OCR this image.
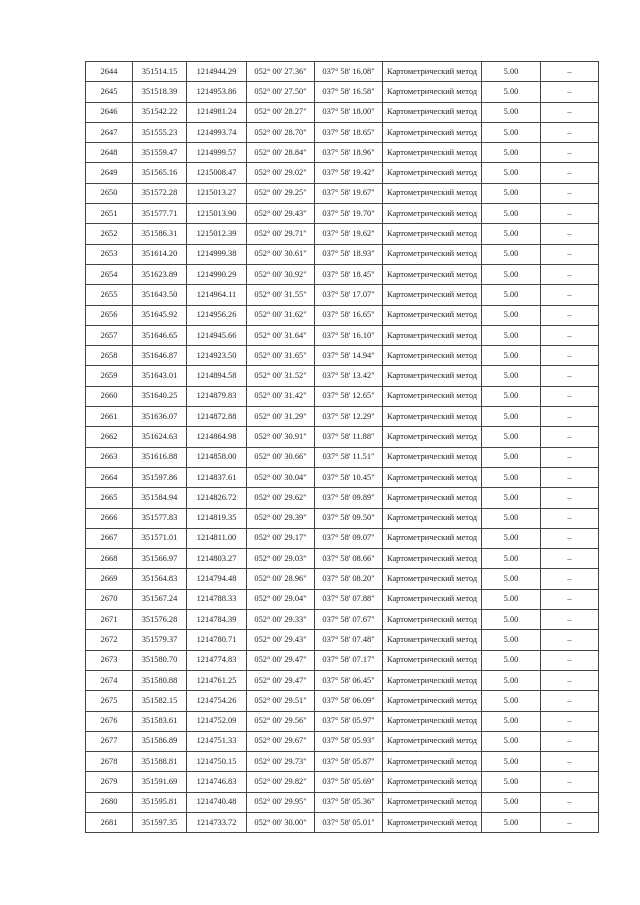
2644	351514.15	1214944.29	052° 00' 27.36"	037° 58' 16.08"	Картометрический метод	5.00	–
2645	351518.39	1214953.86	052° 00' 27.50"	037° 58' 16.58"	Картометрический метод	5.00	–
2646	351542.22	1214981.24	052° 00' 28.27"	037° 58' 18.00"	Картометрический метод	5.00	–
2647	351555.23	1214993.74	052° 00' 28.70"	037° 58' 18.65"	Картометрический метод	5.00	–
2648	351559.47	1214999.57	052° 00' 28.84"	037° 58' 18.96"	Картометрический метод	5.00	–
2649	351565.16	1215008.47	052° 00' 29.02"	037° 58' 19.42"	Картометрический метод	5.00	–
2650	351572.28	1215013.27	052° 00' 29.25"	037° 58' 19.67"	Картометрический метод	5.00	–
2651	351577.71	1215013.90	052° 00' 29.43"	037° 58' 19.70"	Картометрический метод	5.00	–
2652	351586.31	1215012.39	052° 00' 29.71"	037° 58' 19.62"	Картометрический метод	5.00	–
2653	351614.20	1214999.38	052° 00' 30.61"	037° 58' 18.93"	Картометрический метод	5.00	–
2654	351623.89	1214990.29	052° 00' 30.92"	037° 58' 18.45"	Картометрический метод	5.00	–
2655	351643.50	1214964.11	052° 00' 31.55"	037° 58' 17.07"	Картометрический метод	5.00	–
2656	351645.92	1214956.26	052° 00' 31.62"	037° 58' 16.65"	Картометрический метод	5.00	–
2657	351646.65	1214945.66	052° 00' 31.64"	037° 58' 16.10"	Картометрический метод	5.00	–
2658	351646.87	1214923.50	052° 00' 31.65"	037° 58' 14.94"	Картометрический метод	5.00	–
2659	351643.01	1214894.58	052° 00' 31.52"	037° 58' 13.42"	Картометрический метод	5.00	–
2660	351640.25	1214879.83	052° 00' 31.42"	037° 58' 12.65"	Картометрический метод	5.00	–
2661	351636.07	1214872.88	052° 00' 31.29"	037° 58' 12.29"	Картометрический метод	5.00	–
2662	351624.63	1214864.98	052° 00' 30.91"	037° 58' 11.88"	Картометрический метод	5.00	–
2663	351616.88	1214858.00	052° 00' 30.66"	037° 58' 11.51"	Картометрический метод	5.00	–
2664	351597.86	1214837.61	052° 00' 30.04"	037° 58' 10.45"	Картометрический метод	5.00	–
2665	351584.94	1214826.72	052° 00' 29.62"	037° 58' 09.89"	Картометрический метод	5.00	–
2666	351577.83	1214819.35	052° 00' 29.39"	037° 58' 09.50"	Картометрический метод	5.00	–
2667	351571.01	1214811.00	052° 00' 29.17"	037° 58' 09.07"	Картометрический метод	5.00	–
2668	351566.97	1214803.27	052° 00' 29.03"	037° 58' 08.66"	Картометрический метод	5.00	–
2669	351564.83	1214794.48	052° 00' 28.96"	037° 58' 08.20"	Картометрический метод	5.00	–
2670	351567.24	1214788.33	052° 00' 29.04"	037° 58' 07.88"	Картометрический метод	5.00	–
2671	351576.28	1214784.39	052° 00' 29.33"	037° 58' 07.67"	Картометрический метод	5.00	–
2672	351579.37	1214780.71	052° 00' 29.43"	037° 58' 07.48"	Картометрический метод	5.00	–
2673	351580.70	1214774.83	052° 00' 29.47"	037° 58' 07.17"	Картометрический метод	5.00	–
2674	351580.88	1214761.25	052° 00' 29.47"	037° 58' 06.45"	Картометрический метод	5.00	–
2675	351582.15	1214754.26	052° 00' 29.51"	037° 58' 06.09"	Картометрический метод	5.00	–
2676	351583.61	1214752.09	052° 00' 29.56"	037° 58' 05.97"	Картометрический метод	5.00	–
2677	351586.89	1214751.33	052° 00' 29.67"	037° 58' 05.93"	Картометрический метод	5.00	–
2678	351588.81	1214750.15	052° 00' 29.73"	037° 58' 05.87"	Картометрический метод	5.00	–
2679	351591.69	1214746.83	052° 00' 29.82"	037° 58' 05.69"	Картометрический метод	5.00	–
2680	351595.81	1214740.48	052° 00' 29.95"	037° 58' 05.36"	Картометрический метод	5.00	–
2681	351597.35	1214733.72	052° 00' 30.00"	037° 58' 05.01"	Картометрический метод	5.00	–
